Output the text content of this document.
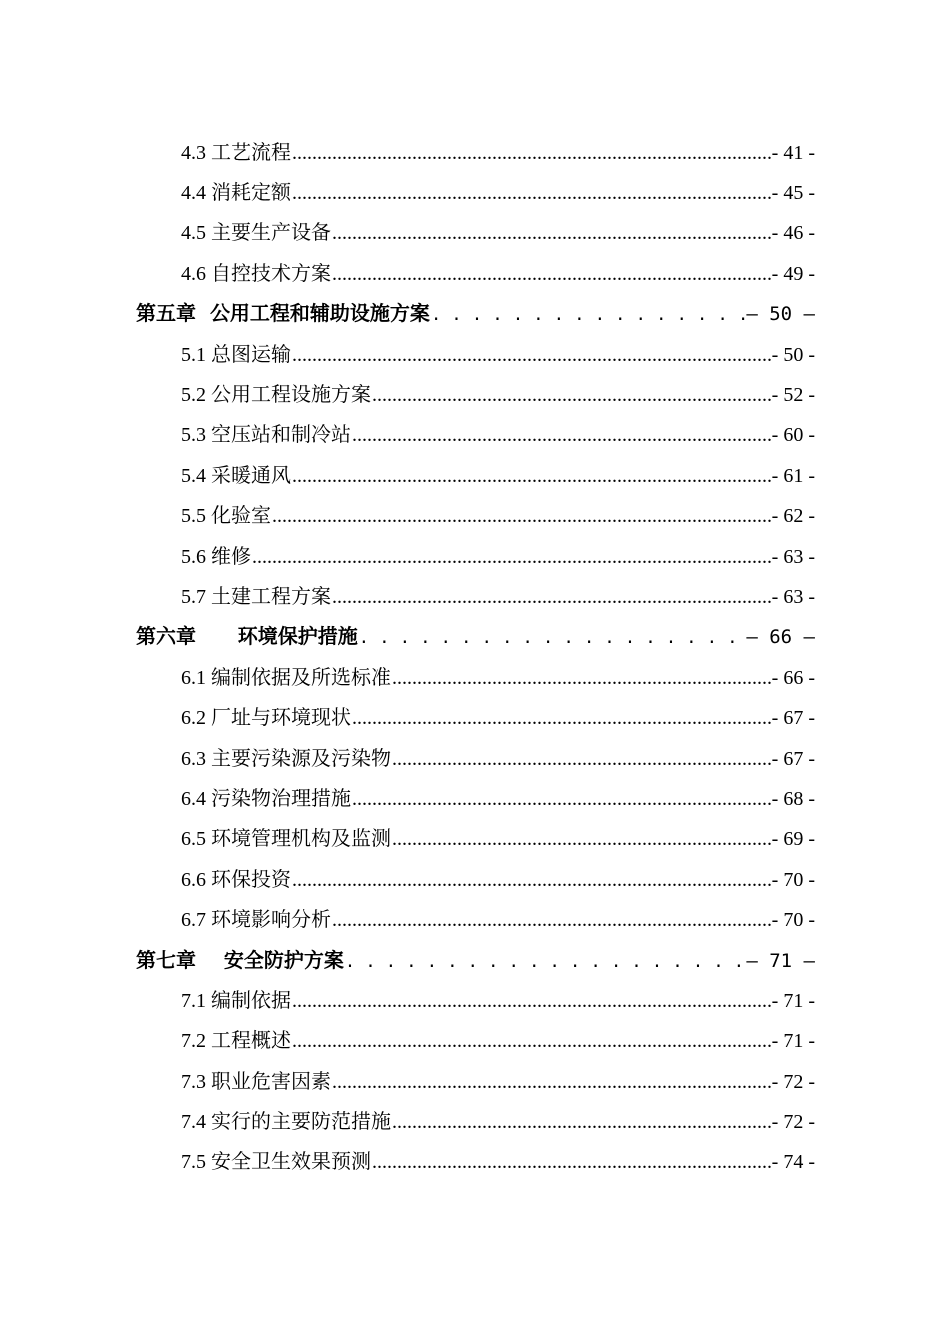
4.3 工艺流程 .....	- 41 -
4.4 消耗定额 .....	- 45 -
4.5 主要生产设备 .....	- 46 -
4.6 自控技术方案 .....	- 49 -
第五章 公用工程和辅助设施方案 . . .	– 50 –
5.1 总图运输 .....	- 50 -
5.2 公用工程设施方案 .....	- 52 -
5.3 空压站和制冷站 .....	- 60 -
5.4 采暖通风 .....	- 61 -
5.5 化验室 .....	- 62 -
5.6 维修 .....	- 63 -
5.7 土建工程方案 .....	- 63 -
第六章 环境保护措施 . . .	– 66 –
6.1 编制依据及所选标准 .....	- 66 -
6.2 厂址与环境现状 .....	- 67 -
6.3 主要污染源及污染物 .....	- 67 -
6.4 污染物治理措施 .....	- 68 -
6.5 环境管理机构及监测 .....	- 69 -
6.6 环保投资 .....	- 70 -
6.7 环境影响分析 .....	- 70 -
第七章 安全防护方案 . . .	– 71 –
7.1 编制依据 .....	- 71 -
7.2 工程概述 .....	- 71 -
7.3 职业危害因素 .....	- 72 -
7.4 实行的主要防范措施 .....	- 72 -
7.5 安全卫生效果预测 .....	- 74 -
